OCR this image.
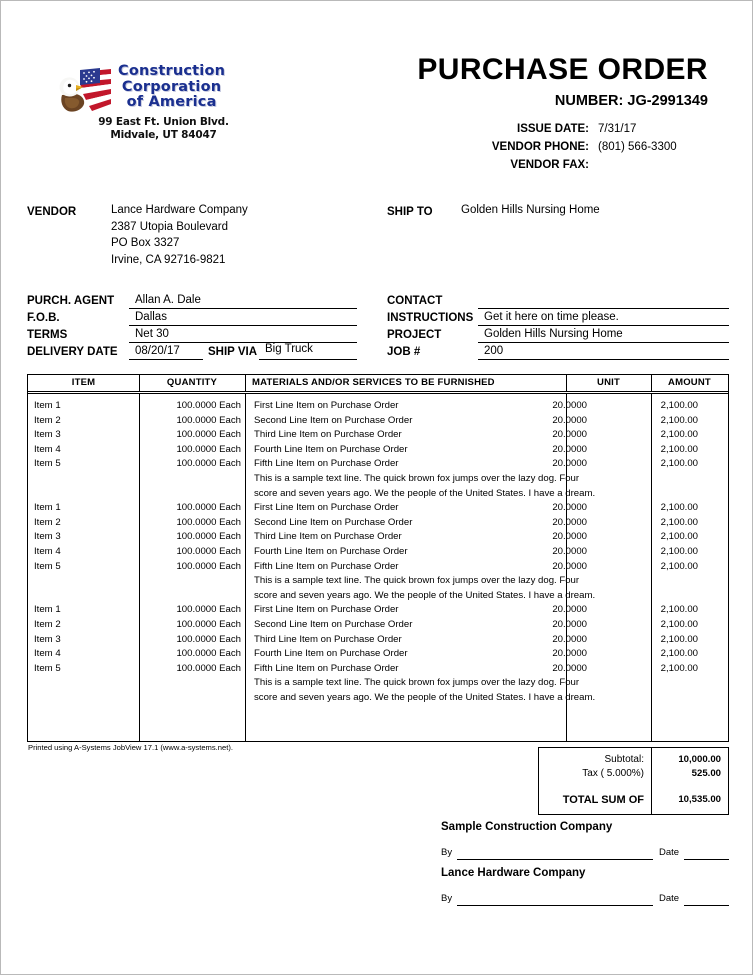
Construction
Corporation
of America
99 East Ft. Union Blvd.
Midvale, UT 84047
PURCHASE ORDER
NUMBER: JG-2991349
ISSUE DATE:	7/31/17
VENDOR PHONE:	(801) 566-3300
VENDOR FAX:	
VENDOR	Lance Hardware Company
2387 Utopia Boulevard
PO Box 3327
Irvine, CA 92716-9821
SHIP TO Golden Hills Nursing Home
PURCH. AGENT Allan A. Dale
F.O.B.	Dallas
TERMS	Net 30
DELIVERY DATE 08/20/17 SHIP VIA Big Truck
CONTACT
INSTRUCTIONS Get it here on time please.
PROJECT	Golden Hills Nursing Home
JOB #	200
ITEM	QUANTITY	MATERIALS AND/OR SERVICES TO BE FURNISHED	UNIT	AMOUNT
Item 1	100.0000 Each First Line Item on Purchase Order	20.0000	2,100.00
Item 2	100.0000 Each Second Line Item on Purchase Order	20.0000	2,100.00
Item 3	100.0000 Each Third Line Item on Purchase Order	20.0000	2,100.00
Item 4	100.0000 Each Fourth Line Item on Purchase Order	20.0000	2,100.00
Item 5	100.0000 Each Fifth Line Item on Purchase Order	20.0000	2,100.00
This is a sample text line. The quick brown fox jumps over the lazy dog. Four
score and seven years ago. We the people of the United States. I have a dream.
Item 1	100.0000 Each First Line Item on Purchase Order	20.0000	2,100.00
Item 2	100.0000 Each Second Line Item on Purchase Order	20.0000	2,100.00
Item 3	100.0000 Each Third Line Item on Purchase Order	20.0000	2,100.00
Item 4	100.0000 Each Fourth Line Item on Purchase Order	20.0000	2,100.00
Item 5	100.0000 Each Fifth Line Item on Purchase Order	20.0000	2,100.00
This is a sample text line. The quick brown fox jumps over the lazy dog. Four
score and seven years ago. We the people of the United States. I have a dream.
Item 1	100.0000 Each First Line Item on Purchase Order	20.0000	2,100.00
Item 2	100.0000 Each Second Line Item on Purchase Order	20.0000	2,100.00
Item 3	100.0000 Each Third Line Item on Purchase Order	20.0000	2,100.00
Item 4	100.0000 Each Fourth Line Item on Purchase Order	20.0000	2,100.00
Item 5	100.0000 Each Fifth Line Item on Purchase Order	20.0000	2,100.00
This is a sample text line. The quick brown fox jumps over the lazy dog. Four
score and seven years ago. We the people of the United States. I have a dream.
Printed using A-Systems JobView 17.1 (www.a-systems.net).
Subtotal:	10,000.00
Tax ( 5.000%)	525.00
TOTAL SUM OF	10,535.00
Sample Construction Company
By	Date
Lance Hardware Company
By	Date
